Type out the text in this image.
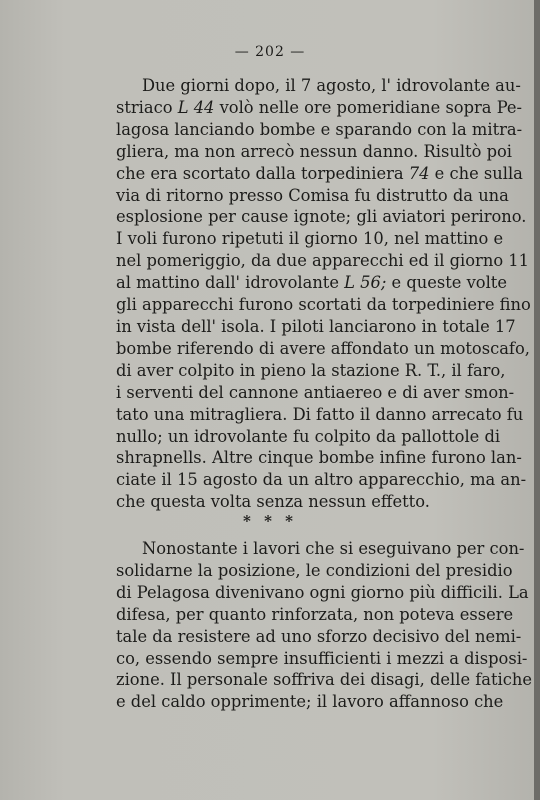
— 202 —
Due giorni dopo, il 7 agosto, l' idrovolante au-
striaco L 44 volò nelle ore pomeridiane sopra Pe-
lagosa lanciando bombe e sparando con la mitra-
gliera, ma non arrecò nessun danno. Risultò poi
che era scortato dalla torpediniera 74 e che sulla
via di ritorno presso Comisa fu distrutto da una
esplosione per cause ignote; gli aviatori perirono.
I voli furono ripetuti il giorno 10, nel mattino e
nel pomeriggio, da due apparecchi ed il giorno 11
al mattino dall' idrovolante L 56; e queste volte
gli apparecchi furono scortati da torpediniere fino
in vista dell' isola. I piloti lanciarono in totale 17
bombe riferendo di avere affondato un motoscafo,
di aver colpito in pieno la stazione R. T., il faro,
i serventi del cannone antiaereo e di aver smon-
tato una mitragliera. Di fatto il danno arrecato fu
nullo; un idrovolante fu colpito da pallottole di
shrapnells. Altre cinque bombe infine furono lan-
ciate il 15 agosto da un altro apparecchio, ma an-
che questa volta senza nessun effetto.
* * *
Nonostante i lavori che si eseguivano per con-
solidarne la posizione, le condizioni del presidio
di Pelagosa divenivano ogni giorno più difficili. La
difesa, per quanto rinforzata, non poteva essere
tale da resistere ad uno sforzo decisivo del nemi-
co, essendo sempre insufficienti i mezzi a disposi-
zione. Il personale soffriva dei disagi, delle fatiche
e del caldo opprimente; il lavoro affannoso che
